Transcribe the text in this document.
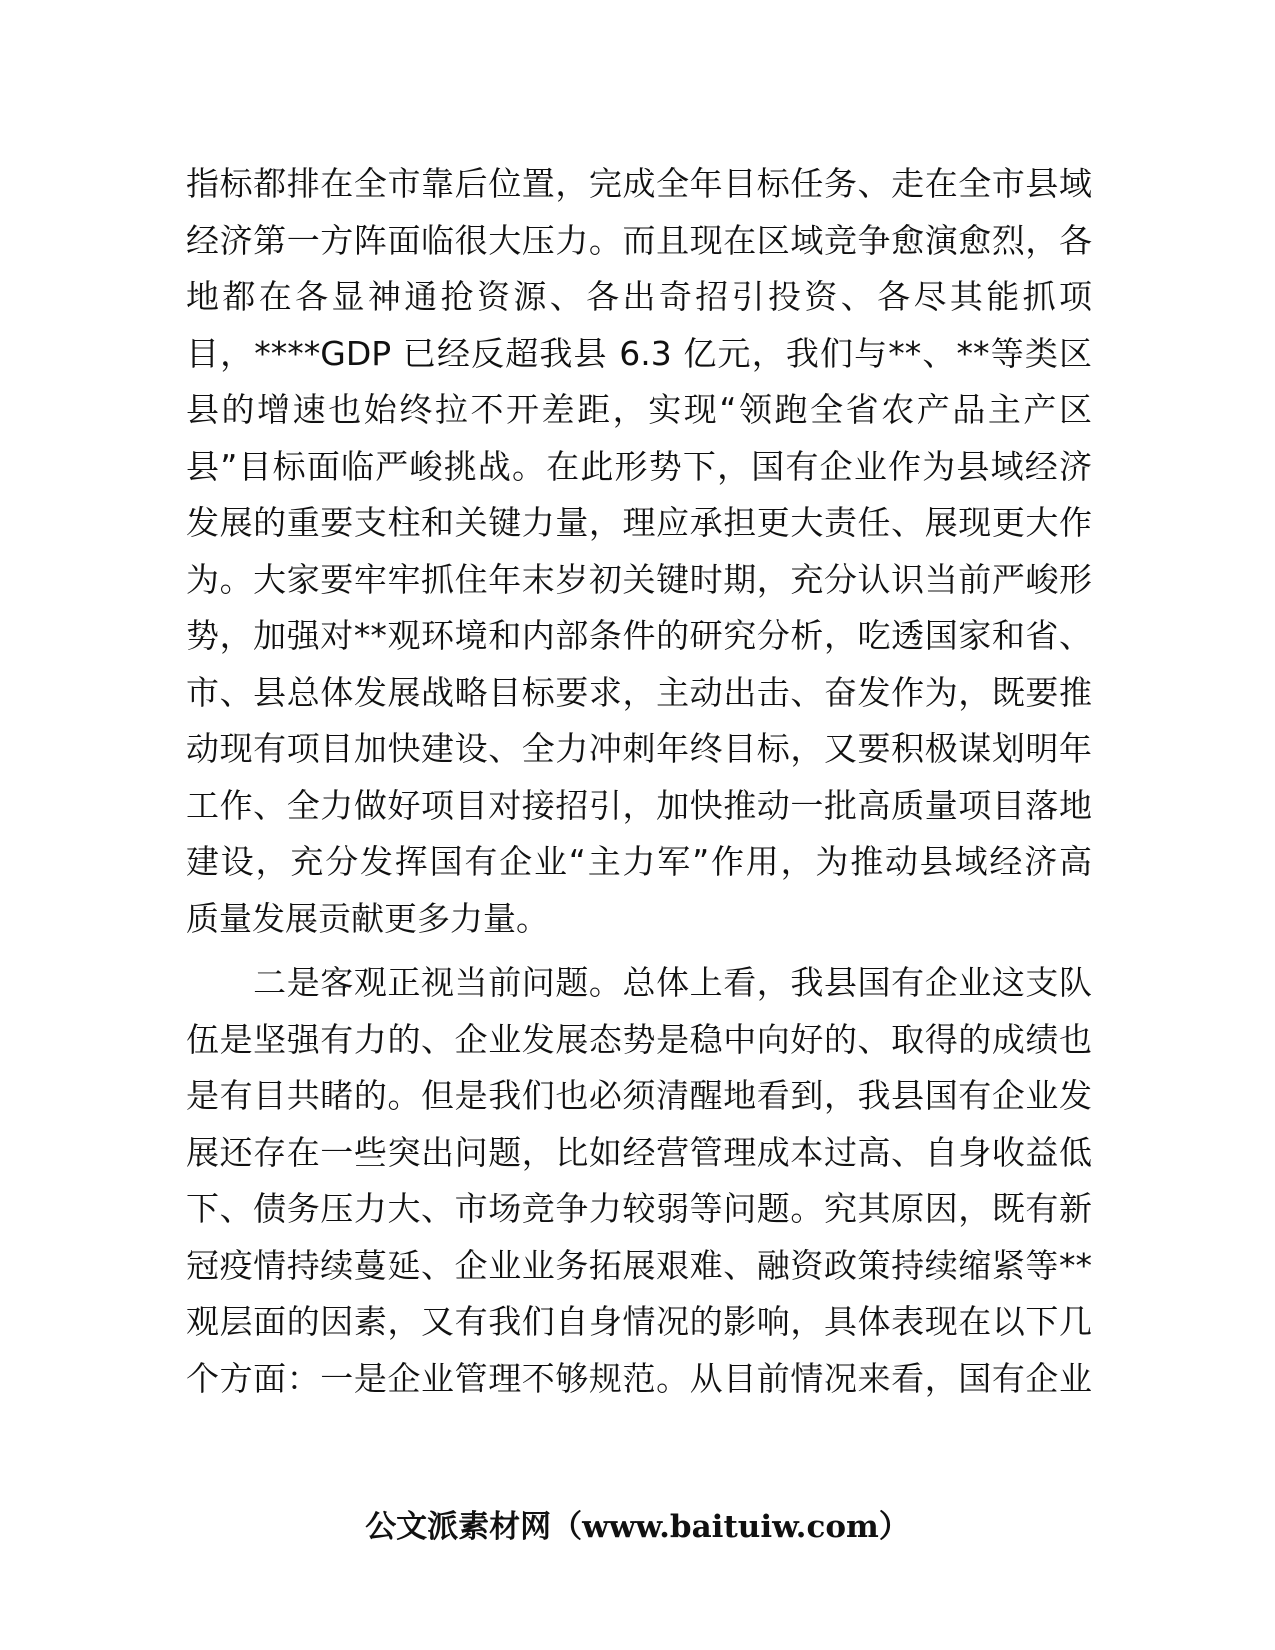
指标都排在全市靠后位置，完成全年目标任务、走在全市县域
经济第一方阵面临很大压力。而且现在区域竞争愈演愈烈，各
地都在各显神通抢资源、各出奇招引投资、各尽其能抓项
目，****GDP 已经反超我县 6.3 亿元，我们与**、**等类区
县的增速也始终拉不开差距，实现“领跑全省农产品主产区
县”目标面临严峻挑战。在此形势下，国有企业作为县域经济
发展的重要支柱和关键力量，理应承担更大责任、展现更大作
为。大家要牢牢抓住年末岁初关键时期，充分认识当前严峻形
势，加强对**观环境和内部条件的研究分析，吃透国家和省、
市、县总体发展战略目标要求，主动出击、奋发作为，既要推
动现有项目加快建设、全力冲刺年终目标，又要积极谋划明年
工作、全力做好项目对接招引，加快推动一批高质量项目落地
建设，充分发挥国有企业“主力军”作用，为推动县域经济高
质量发展贡献更多力量。
　　二是客观正视当前问题。总体上看，我县国有企业这支队
伍是坚强有力的、企业发展态势是稳中向好的、取得的成绩也
是有目共睹的。但是我们也必须清醒地看到，我县国有企业发
展还存在一些突出问题，比如经营管理成本过高、自身收益低
下、债务压力大、市场竞争力较弱等问题。究其原因，既有新
冠疫情持续蔓延、企业业务拓展艰难、融资政策持续缩紧等**
观层面的因素，又有我们自身情况的影响，具体表现在以下几
个方面：一是企业管理不够规范。从目前情况来看，国有企业
公文派素材网（www.baituiw.com）
